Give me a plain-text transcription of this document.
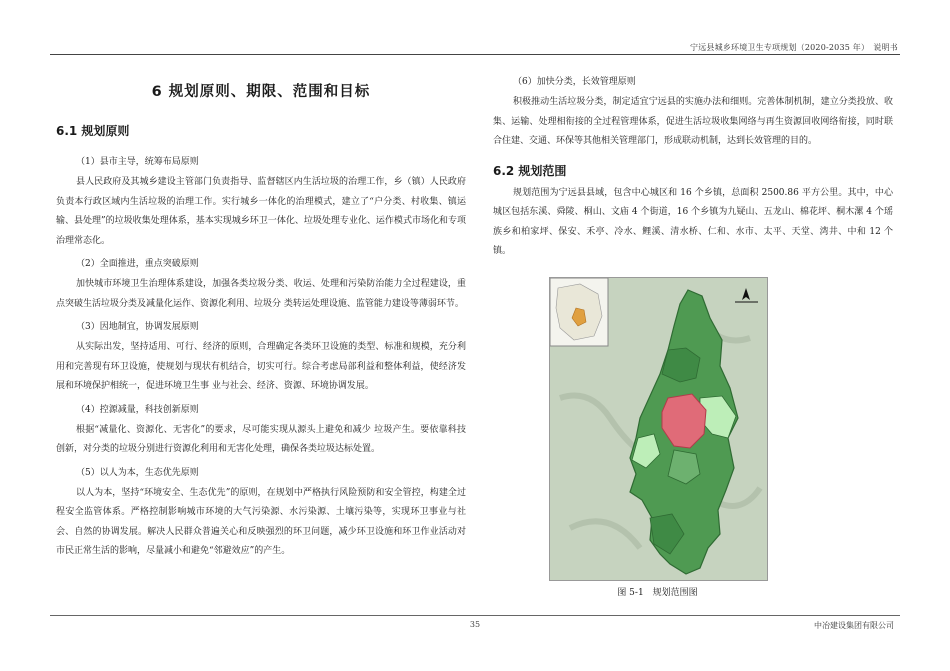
宁远县城乡环境卫生专项规划（2020-2035 年）　说明书
6 规划原则、期限、范围和目标
6.1 规划原则
（1）县市主导，统筹布局原则

县人民政府及其城乡建设主管部门负责指导、监督辖区内生活垃圾的治理工作，乡（镇）人民政府负责本行政区域内生活垃圾的治理工作。实行城乡一体化的治理模式，建立了“户分类、村收集、镇运输、县处理”的垃圾收集处理体系，基本实现城乡环卫一体化、垃圾处理专业化、运作模式市场化和专项治理常态化。

（2）全面推进，重点突破原则

加快城市环境卫生治理体系建设，加强各类垃圾分类、收运、处理和污染防治能力全过程建设，重点突破生活垃圾分类及减量化运作、资源化利用、垃圾分 类转运处理设施、监管能力建设等薄弱环节。

（3）因地制宜，协调发展原则

从实际出发，坚持适用、可行、经济的原则，合理确定各类环卫设施的类型、标准和规模，充分利用和完善现有环卫设施，使规划与现状有机结合，切实可行。综合考虑局部利益和整体利益，使经济发展和环境保护相统一，促进环境卫生事 业与社会、经济、资源、环境协调发展。

（4）控源减量，科技创新原则

根据“减量化、资源化、无害化”的要求，尽可能实现从源头上避免和减少 垃圾产生。要依靠科技创新，对分类的垃圾分别进行资源化利用和无害化处理，确保各类垃圾达标处置。

（5）以人为本，生态优先原则

以人为本，坚持“环境安全、生态优先”的原则，在规划中严格执行风险预防和安全管控，构建全过程安全监管体系。严格控制影响城市环境的大气污染源、水污染源、土壤污染等，实现环卫事业与社会、自然的协调发展。解决人民群众普遍关心和反映强烈的环卫问题，减少环卫设施和环卫作业活动对市民正常生活的影响，尽量减小和避免“邻避效应”的产生。

（6）加快分类，长效管理原则

积极推动生活垃圾分类，制定适宜宁远县的实施办法和细则。完善体制机制，建立分类投放、收集、运输、处理相衔接的全过程管理体系，促进生活垃圾收集网络与再生资源回收网络衔接，同时联合住建、交通、环保等其他相关管理部门，形成联动机制，达到长效管理的目的。

6.2 规划范围

规划范围为宁远县县域，包含中心城区和 16 个乡镇，总面积 2500.86 平方公里。其中，中心城区包括东溪、舜陵、桐山、文庙 4 个街道，16 个乡镇为九疑山、五龙山、棉花坪、桐木漯 4 个瑶族乡和柏家坪、保安、禾亭、冷水、鲤溪、清水桥、仁和、水市、太平、天堂、湾井、中和 12 个镇。

图 5-1　规划范围图
35	中冶建设集团有限公司
